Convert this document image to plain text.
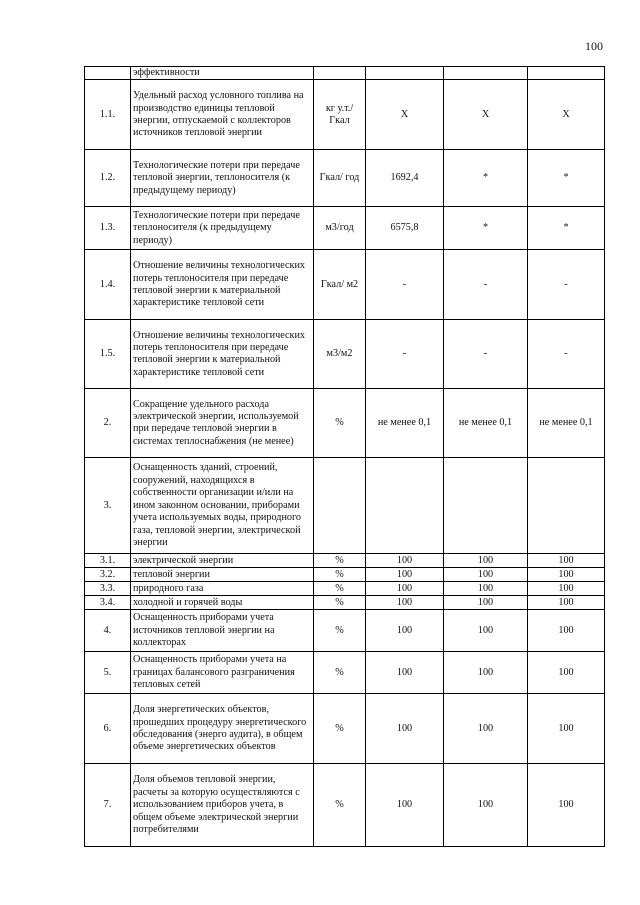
100
	эффективности				
1.1.	Удельный расход условного топлива на производство единицы тепловой энергии, отпускаемой с коллекторов источников тепловой энергии	кг у.т./ Гкал	X	X	X
1.2.	Технологические потери при передаче тепловой энергии, теплоносителя (к предыдущему периоду)	Гкал/ год	1692,4	*	*
1.3.	Технологические потери при передаче теплоносителя (к предыдущему периоду)	м3/год	6575,8	*	*
1.4.	Отношение величины технологических потерь теплоносителя при передаче тепловой энергии к материальной характеристике тепловой сети	Гкал/ м2	-	-	-
1.5.	Отношение величины технологических потерь теплоносителя при передаче тепловой энергии к материальной характеристике тепловой сети	м3/м2	-	-	-
2.	Сокращение удельного расхода электрической энергии, используемой при передаче тепловой энергии в системах теплоснабжения (не менее)	%	не менее 0,1	не менее 0,1	не менее 0,1
3.	Оснащенность зданий, строений, сооружений, находящихся в собственности организации и/или на ином законном основании, приборами учета используемых воды, природного газа, тепловой энергии, электрической энергии				
3.1.	электрической энергии	%	100	100	100
3.2.	тепловой энергии	%	100	100	100
3.3.	природного газа	%	100	100	100
3.4.	холодной и горячей воды	%	100	100	100
4.	Оснащенность приборами учета источников тепловой энергии на коллекторах	%	100	100	100
5.	Оснащенность приборами учета на границах балансового разграничения тепловых сетей	%	100	100	100
6.	Доля энергетических объектов, прошедших процедуру энергетического обследования (энерго аудита), в общем объеме энергетических объектов	%	100	100	100
7.	Доля объемов тепловой энергии, расчеты за которую осуществляются с использованием приборов учета, в общем объеме электрической энергии потребителями	%	100	100	100
